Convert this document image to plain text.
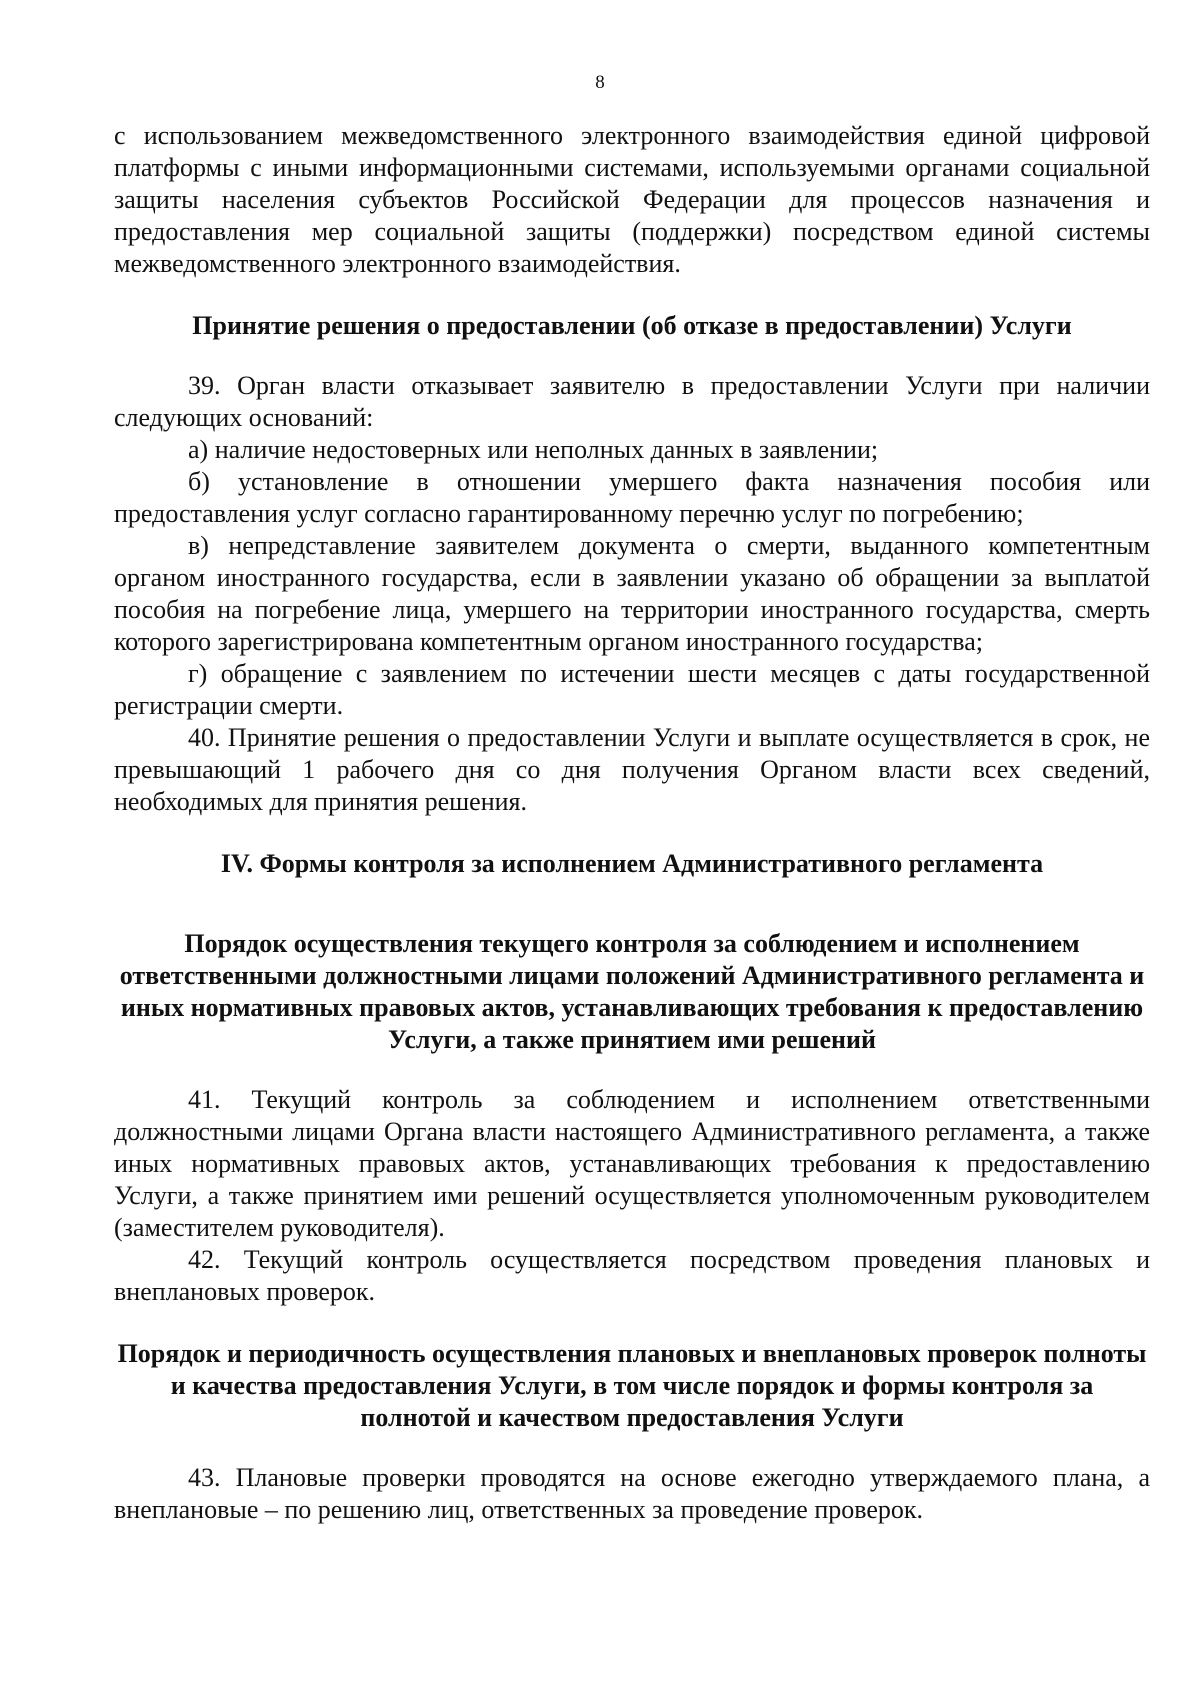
8

с использованием межведомственного электронного взаимодействия единой цифровой платформы с иными информационными системами, используемыми органами социальной защиты населения субъектов Российской Федерации для процессов назначения и предоставления мер социальной защиты (поддержки) посредством единой системы межведомственного электронного взаимодействия.

Принятие решения о предоставлении (об отказе в предоставлении) Услуги

39. Орган власти отказывает заявителю в предоставлении Услуги при наличии следующих оснований:

а) наличие недостоверных или неполных данных в заявлении;

б) установление в отношении умершего факта назначения пособия или предоставления услуг согласно гарантированному перечню услуг по погребению;

в) непредставление заявителем документа о смерти, выданного компетентным органом иностранного государства, если в заявлении указано об обращении за выплатой пособия на погребение лица, умершего на территории иностранного государства, смерть которого зарегистрирована компетентным органом иностранного государства;

г) обращение с заявлением по истечении шести месяцев с даты государственной регистрации смерти.

40. Принятие решения о предоставлении Услуги и выплате осуществляется в срок, не превышающий 1 рабочего дня со дня получения Органом власти всех сведений, необходимых для принятия решения.

IV. Формы контроля за исполнением Административного регламента
Порядок осуществления текущего контроля за соблюдением и исполнением ответственными должностными лицами положений Административного регламента и иных нормативных правовых актов, устанавливающих требования к предоставлению Услуги, а также принятием ими решений

41. Текущий контроль за соблюдением и исполнением ответственными должностными лицами Органа власти настоящего Административного регламента, а также иных нормативных правовых актов, устанавливающих требования к предоставлению Услуги, а также принятием ими решений осуществляется уполномоченным руководителем (заместителем руководителя).

42. Текущий контроль осуществляется посредством проведения плановых и внеплановых проверок.

Порядок и периодичность осуществления плановых и внеплановых проверок полноты и качества предоставления Услуги, в том числе порядок и формы контроля за полнотой и качеством предоставления Услуги

43. Плановые проверки проводятся на основе ежегодно утверждаемого плана, а внеплановые – по решению лиц, ответственных за проведение проверок.
